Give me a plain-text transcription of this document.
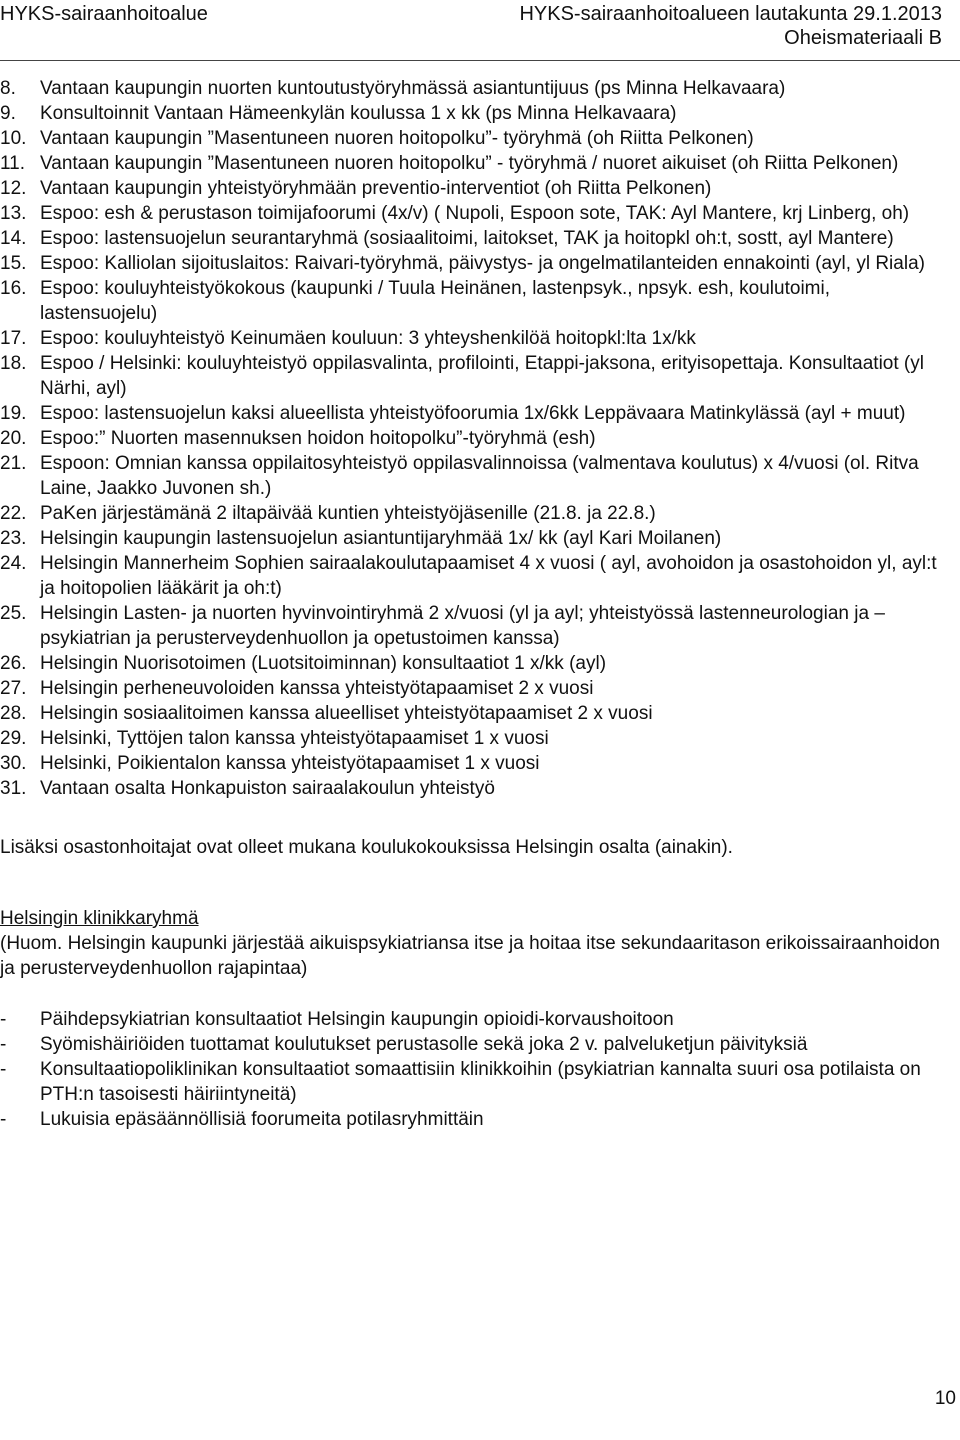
HYKS-sairaanhoitoalue	HYKS-sairaanhoitoalueen lautakunta 29.1.2013
Oheismateriaali B
8.	Vantaan kaupungin nuorten kuntoutustyöryhmässä asiantuntijuus (ps Minna Helkavaara)
9.	Konsultoinnit Vantaan Hämeenkylän koulussa 1 x kk (ps Minna Helkavaara)
10. Vantaan kaupungin ”Masentuneen nuoren hoitopolku”- työryhmä (oh Riitta Pelkonen)
11. Vantaan kaupungin ”Masentuneen nuoren hoitopolku” - työryhmä / nuoret aikuiset (oh Riitta Pelkonen)
12. Vantaan kaupungin yhteistyöryhmään preventio-interventiot (oh Riitta Pelkonen)
13. Espoo: esh & perustason toimijafoorumi (4x/v) ( Nupoli, Espoon sote, TAK: Ayl Mantere, krj Linberg, oh)
14. Espoo: lastensuojelun seurantaryhmä (sosiaalitoimi, laitokset, TAK ja hoitopkl oh:t, sostt, ayl Mantere)
15. Espoo: Kalliolan sijoituslaitos: Raivari-työryhmä, päivystys- ja ongelmatilanteiden ennakointi (ayl, yl Riala)
16. Espoo: kouluyhteistyökokous (kaupunki / Tuula Heinänen, lastenpsyk., npsyk. esh, koulutoimi, lastensuojelu)
17. Espoo: kouluyhteistyö Keinumäen kouluun: 3 yhteyshenkilöä hoitopkl:lta 1x/kk
18. Espoo / Helsinki: kouluyhteistyö oppilasvalinta, profilointi, Etappi-jaksona, erityisopettaja. Konsultaatiot (yl Närhi, ayl)
19. Espoo: lastensuojelun kaksi alueellista yhteistyöfoorumia 1x/6kk Leppävaara Matinkylässä (ayl + muut)
20. Espoo:” Nuorten masennuksen hoidon hoitopolku”-työryhmä (esh)
21. Espoon: Omnian kanssa oppilaitosyhteistyö oppilasvalinnoissa (valmentava koulutus) x 4/vuosi (ol. Ritva Laine, Jaakko Juvonen sh.)
22. PaKen järjestämänä 2 iltapäivää kuntien yhteistyöjäsenille (21.8. ja 22.8.)
23. Helsingin kaupungin lastensuojelun asiantuntijaryhmää 1x/ kk (ayl Kari Moilanen)
24. Helsingin Mannerheim Sophien sairaalakoulutapaamiset 4 x vuosi ( ayl, avohoidon ja osastohoidon yl, ayl:t ja hoitopolien lääkärit ja oh:t)
25. Helsingin Lasten- ja nuorten hyvinvointiryhmä 2 x/vuosi (yl ja ayl; yhteistyössä lastenneurologian ja –psykiatrian ja perusterveydenhuollon ja opetustoimen kanssa)
26. Helsingin Nuorisotoimen (Luotsitoiminnan) konsultaatiot 1 x/kk (ayl)
27. Helsingin perheneuvoloiden kanssa yhteistyötapaamiset 2 x vuosi
28. Helsingin sosiaalitoimen kanssa alueelliset yhteistyötapaamiset 2 x vuosi
29. Helsinki, Tyttöjen talon kanssa yhteistyötapaamiset 1 x vuosi
30. Helsinki, Poikientalon kanssa yhteistyötapaamiset 1 x vuosi
31. Vantaan osalta Honkapuiston sairaalakoulun yhteistyö

Lisäksi osastonhoitajat ovat olleet mukana koulukokouksissa Helsingin osalta (ainakin).

Helsingin klinikkaryhmä

(Huom. Helsingin kaupunki järjestää aikuispsykiatriansa itse ja hoitaa itse sekundaaritason erikoissairaanhoidon ja perusterveydenhuollon rajapintaa)

-	Päihdepsykiatrian konsultaatiot Helsingin kaupungin opioidi-korvaushoitoon
-	Syömishäiriöiden tuottamat koulutukset perustasolle sekä joka 2 v. palveluketjun päivityksiä
-	Konsultaatiopoliklinikan konsultaatiot somaattisiin klinikkoihin (psykiatrian kannalta suuri osa potilaista on PTH:n tasoisesti häiriintyneitä)
-	Lukuisia epäsäännöllisiä foorumeita potilasryhmittäin
10
